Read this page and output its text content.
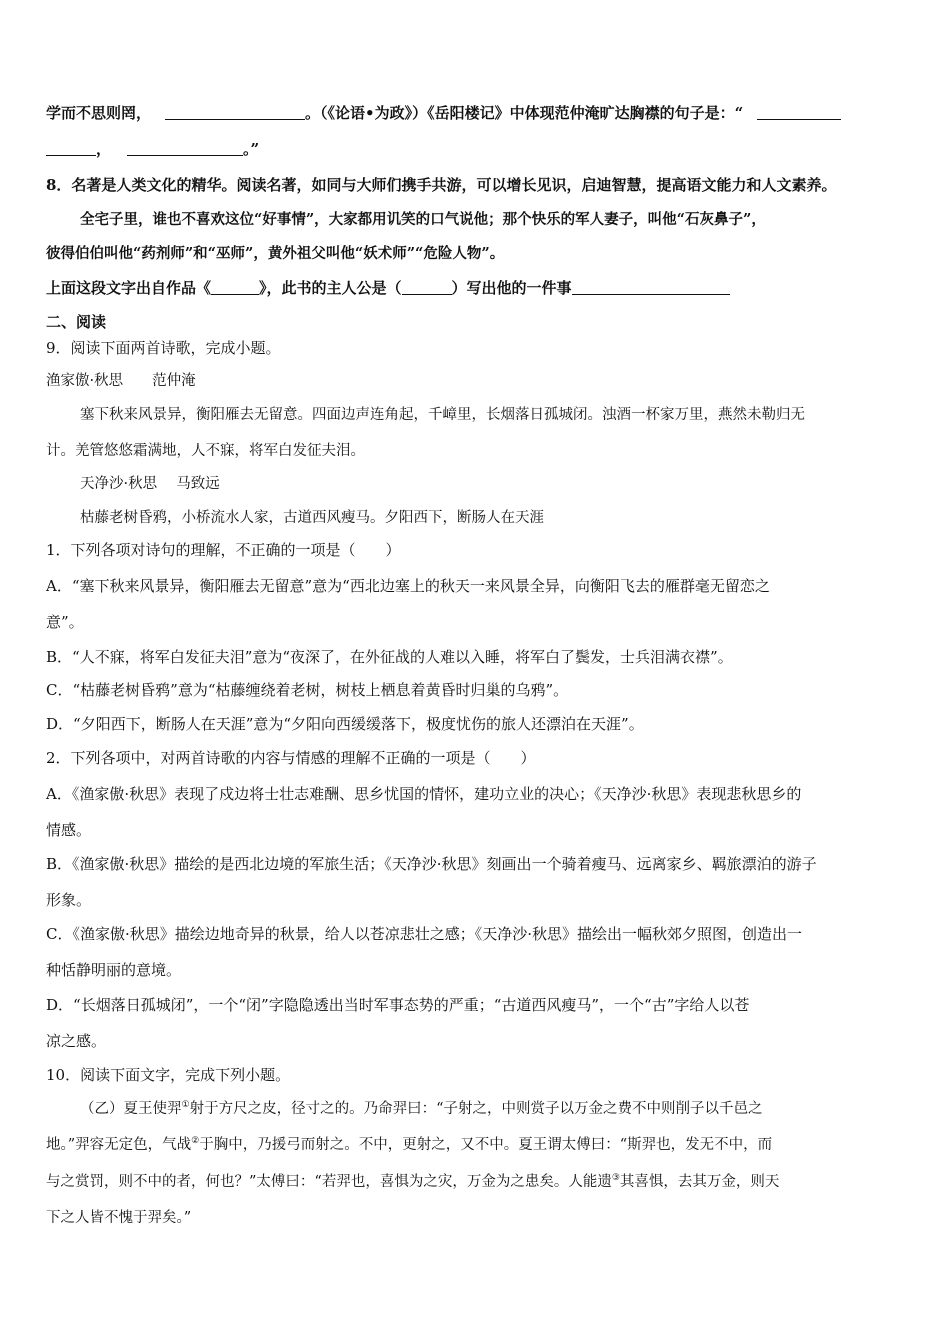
学而不思则罔，	。（《论语•为政》）《岳阳楼记》中体现范仲淹旷达胸襟的句子是：“
，	。”
8．名著是人类文化的精华。阅读名著，如同与大师们携手共游，可以增长见识，启迪智慧，提高语文能力和人文素养。
全宅子里，谁也不喜欢这位“好事情”，大家都用讥笑的口气说他；那个快乐的军人妻子，叫他“石灰鼻子”，
彼得伯伯叫他“药剂师”和“巫师”，黄外祖父叫他“妖术师”“危险人物”。
上面这段文字出自作品《	》，此书的主人公是（	）写出他的一件事
二、阅读
9．阅读下面两首诗歌，完成小题。
渔家傲·秋思　　范仲淹
塞下秋来风景异，衡阳雁去无留意。四面边声连角起，千嶂里，长烟落日孤城闭。浊酒一杯家万里，燕然未勒归无
计。羌管悠悠霜满地，人不寐，将军白发征夫泪。
天净沙·秋思　 马致远
枯藤老树昏鸦，小桥流水人家，古道西风瘦马。夕阳西下，断肠人在天涯
1．下列各项对诗句的理解，不正确的一项是（　　）
A．“塞下秋来风景异，衡阳雁去无留意”意为“西北边塞上的秋天一来风景全异，向衡阳飞去的雁群毫无留恋之
意”。
B．“人不寐，将军白发征夫泪”意为“夜深了，在外征战的人难以入睡，将军白了鬓发，士兵泪满衣襟”。
C．“枯藤老树昏鸦”意为“枯藤缠绕着老树，树枝上栖息着黄昏时归巢的乌鸦”。
D．“夕阳西下，断肠人在天涯”意为“夕阳向西缓缓落下，极度忧伤的旅人还漂泊在天涯”。
2．下列各项中，对两首诗歌的内容与情感的理解不正确的一项是（　　）
A．《渔家傲·秋思》表现了戍边将士壮志难酬、思乡忧国的情怀，建功立业的决心；《天净沙·秋思》表现悲秋思乡的
情感。
B．《渔家傲·秋思》描绘的是西北边境的军旅生活；《天净沙·秋思》刻画出一个骑着瘦马、远离家乡、羁旅漂泊的游子
形象。
C．《渔家傲·秋思》描绘边地奇异的秋景，给人以苍凉悲壮之感；《天净沙·秋思》描绘出一幅秋郊夕照图，创造出一
种恬静明丽的意境。
D．“长烟落日孤城闭”，一个“闭”字隐隐透出当时军事态势的严重；“古道西风瘦马”，一个“古”字给人以苍
凉之感。
10．阅读下面文字，完成下列小题。
（乙）夏王使羿①射于方尺之皮，径寸之的。乃命羿曰：“子射之，中则赏子以万金之费不中则削子以千邑之
地。”羿容无定色，气战②于胸中，乃援弓而射之。不中，更射之，又不中。夏王谓太傅曰：“斯羿也，发无不中，而
与之赏罚，则不中的者，何也？”太傅曰：“若羿也，喜惧为之灾，万金为之患矣。人能遗③其喜惧，去其万金，则天
下之人皆不愧于羿矣。”
